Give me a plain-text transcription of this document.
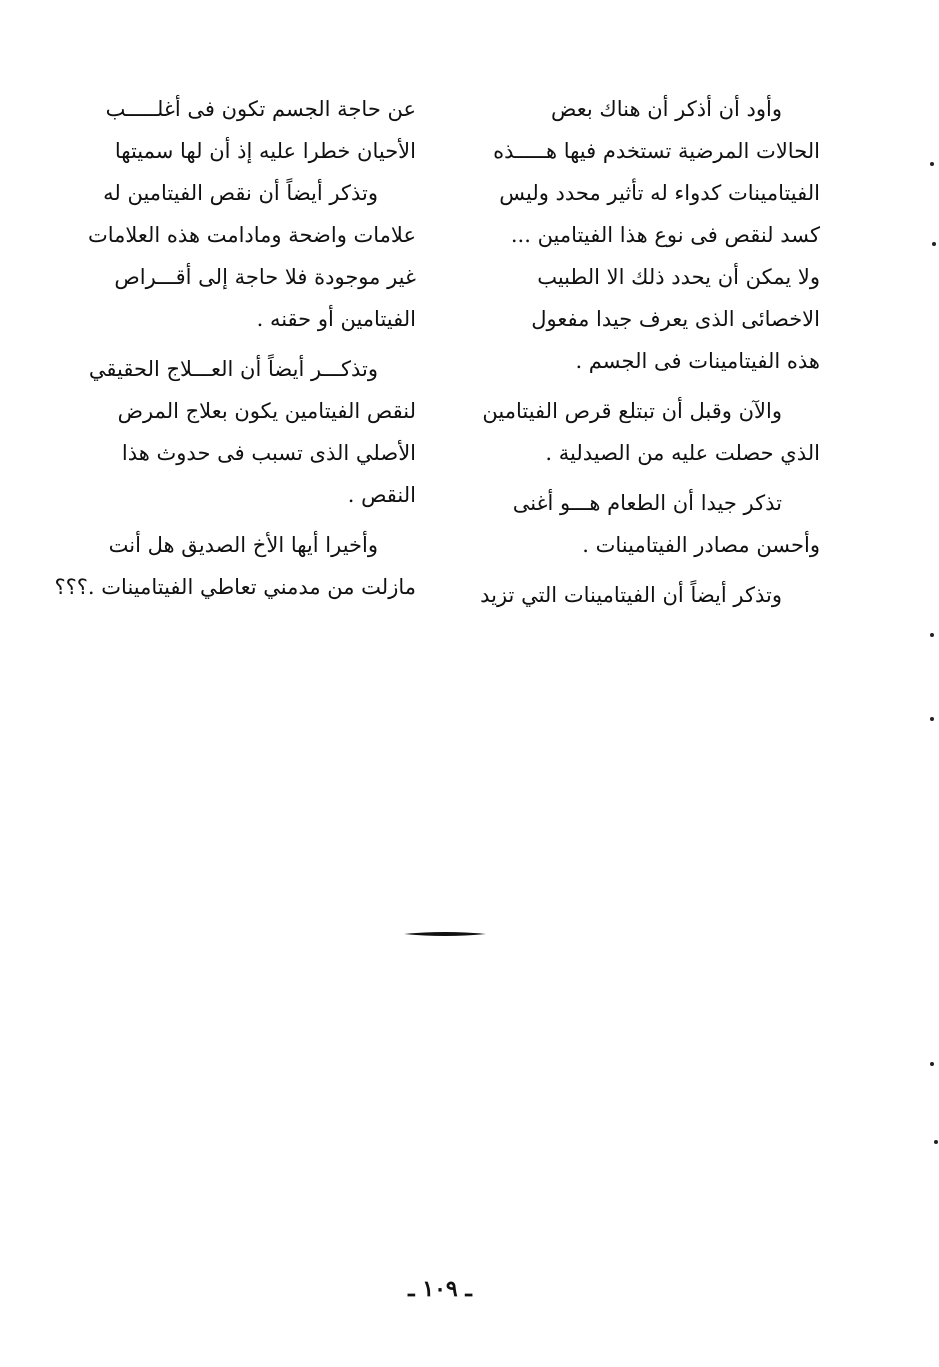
وأود أن أذكر أن هناك بعض
الحالات المرضية تستخدم فيها هـــــذه
الفيتامينات كدواء له تأثير محدد وليس
كسد لنقص فى نوع هذا الفيتامين ...
ولا يمكن أن يحدد ذلك الا الطبيب
الاخصائى الذى يعرف جيدا مفعول
هذه الفيتامينات فى الجسم .

والآن وقبل أن تبتلع قرص الفيتامين
الذي حصلت عليه من الصيدلية .

تذكر جيدا أن الطعام هـــو أغنى
وأحسن مصادر الفيتامينات .

وتذكر أيضاً أن الفيتامينات التي تزيد

عن حاجة الجسم تكون فى أغلـــــب
الأحيان خطرا عليه إذ أن لها سميتها
وتذكر أيضاً أن نقص الفيتامين له
علامات واضحة ومادامت هذه العلامات
غير موجودة فلا حاجة إلى أقـــراص
الفيتامين أو حقنه .

وتذكـــر أيضاً أن العـــلاج الحقيقي
لنقص الفيتامين يكون بعلاج المرض
الأصلي الذى تسبب فى حدوث هذا
النقص .

وأخيرا أيها الأخ الصديق هل أنت
مازلت من مدمني تعاطي الفيتامينات .؟؟؟

ـ ١٠٩ ـ
